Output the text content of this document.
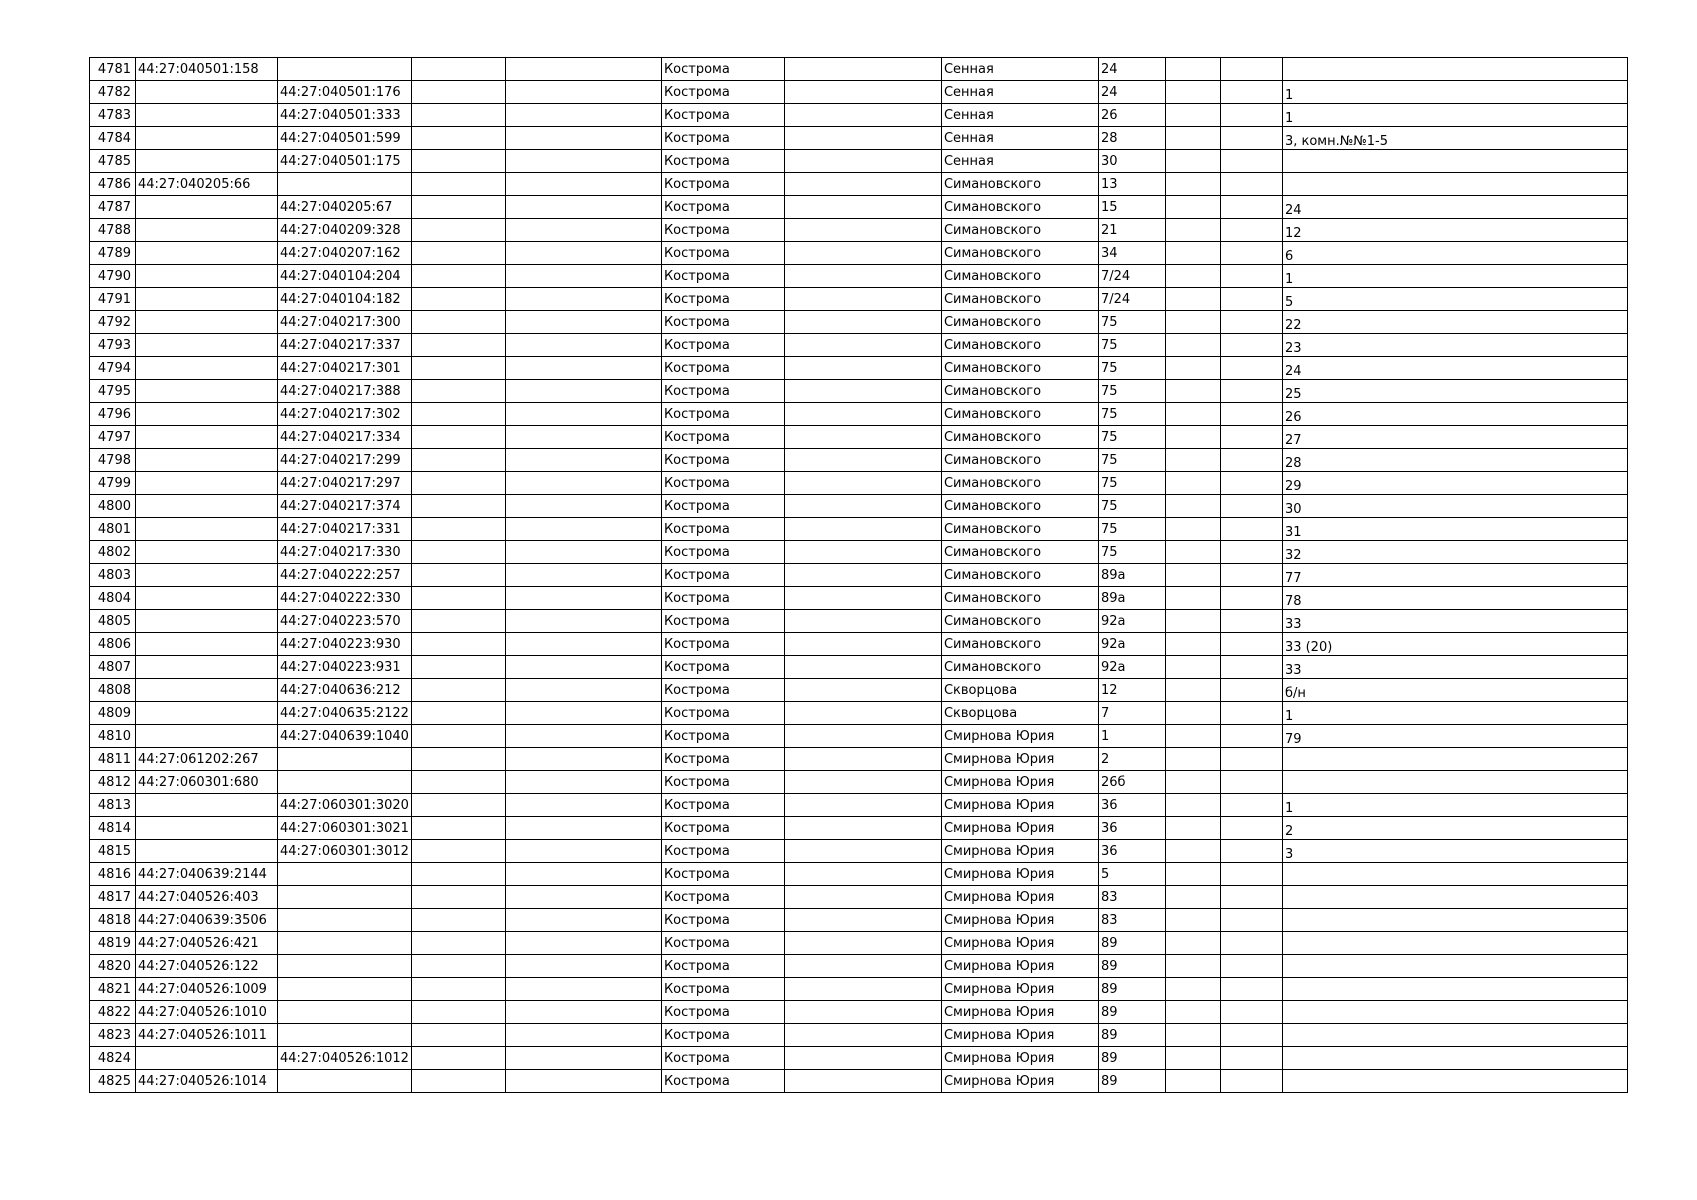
4781	44:27:040501:158				Кострома		Сенная	24			
4782		44:27:040501:176			Кострома		Сенная	24			1
4783		44:27:040501:333			Кострома		Сенная	26			1
4784		44:27:040501:599			Кострома		Сенная	28			3, комн.№№1-5
4785		44:27:040501:175			Кострома		Сенная	30			
4786	44:27:040205:66				Кострома		Симановского	13			
4787		44:27:040205:67			Кострома		Симановского	15			24
4788		44:27:040209:328			Кострома		Симановского	21			12
4789		44:27:040207:162			Кострома		Симановского	34			6
4790		44:27:040104:204			Кострома		Симановского	7/24			1
4791		44:27:040104:182			Кострома		Симановского	7/24			5
4792		44:27:040217:300			Кострома		Симановского	75			22
4793		44:27:040217:337			Кострома		Симановского	75			23
4794		44:27:040217:301			Кострома		Симановского	75			24
4795		44:27:040217:388			Кострома		Симановского	75			25
4796		44:27:040217:302			Кострома		Симановского	75			26
4797		44:27:040217:334			Кострома		Симановского	75			27
4798		44:27:040217:299			Кострома		Симановского	75			28
4799		44:27:040217:297			Кострома		Симановского	75			29
4800		44:27:040217:374			Кострома		Симановского	75			30
4801		44:27:040217:331			Кострома		Симановского	75			31
4802		44:27:040217:330			Кострома		Симановского	75			32
4803		44:27:040222:257			Кострома		Симановского	89а			77
4804		44:27:040222:330			Кострома		Симановского	89а			78
4805		44:27:040223:570			Кострома		Симановского	92а			33
4806		44:27:040223:930			Кострома		Симановского	92а			33 (20)
4807		44:27:040223:931			Кострома		Симановского	92а			33
4808		44:27:040636:212			Кострома		Скворцова	12			б/н
4809		44:27:040635:2122			Кострома		Скворцова	7			1
4810		44:27:040639:1040			Кострома		Смирнова Юрия	1			79
4811	44:27:061202:267				Кострома		Смирнова Юрия	2			
4812	44:27:060301:680				Кострома		Смирнова Юрия	26б			
4813		44:27:060301:3020			Кострома		Смирнова Юрия	36			1
4814		44:27:060301:3021			Кострома		Смирнова Юрия	36			2
4815		44:27:060301:3012			Кострома		Смирнова Юрия	36			3
4816	44:27:040639:2144				Кострома		Смирнова Юрия	5			
4817	44:27:040526:403				Кострома		Смирнова Юрия	83			
4818	44:27:040639:3506				Кострома		Смирнова Юрия	83			
4819	44:27:040526:421				Кострома		Смирнова Юрия	89			
4820	44:27:040526:122				Кострома		Смирнова Юрия	89			
4821	44:27:040526:1009				Кострома		Смирнова Юрия	89			
4822	44:27:040526:1010				Кострома		Смирнова Юрия	89			
4823	44:27:040526:1011				Кострома		Смирнова Юрия	89			
4824		44:27:040526:1012			Кострома		Смирнова Юрия	89			
4825	44:27:040526:1014				Кострома		Смирнова Юрия	89			
